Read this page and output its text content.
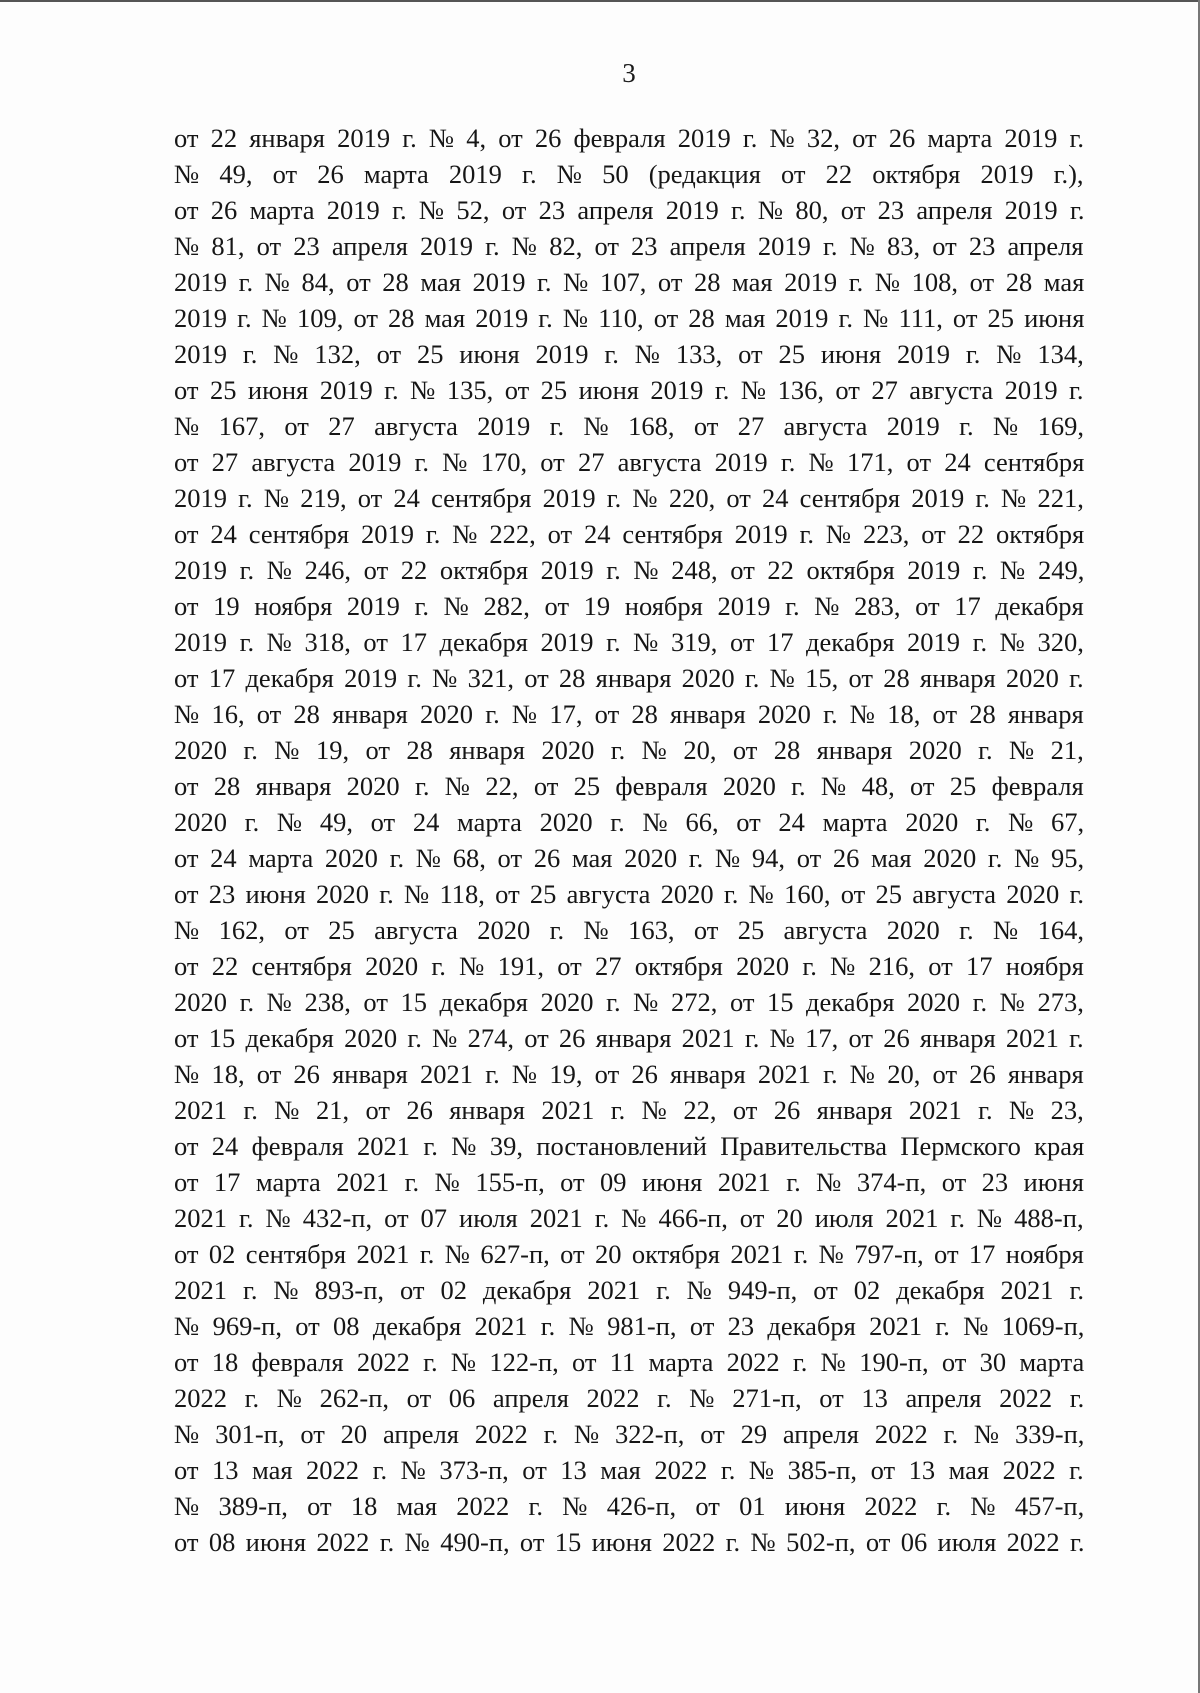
3
от 22 января 2019 г. № 4, от 26 февраля 2019 г. № 32, от 26 марта 2019 г.
№ 49, от 26 марта 2019 г. № 50 (редакция от 22 октября 2019 г.),
от 26 марта 2019 г. № 52, от 23 апреля 2019 г. № 80, от 23 апреля 2019 г.
№ 81, от 23 апреля 2019 г. № 82, от 23 апреля 2019 г. № 83, от 23 апреля
2019 г. № 84, от 28 мая 2019 г. № 107, от 28 мая 2019 г. № 108, от 28 мая
2019 г. № 109, от 28 мая 2019 г. № 110, от 28 мая 2019 г. № 111, от 25 июня
2019 г. № 132, от 25 июня 2019 г. № 133, от 25 июня 2019 г. № 134,
от 25 июня 2019 г. № 135, от 25 июня 2019 г. № 136, от 27 августа 2019 г.
№ 167, от 27 августа 2019 г. № 168, от 27 августа 2019 г. № 169,
от 27 августа 2019 г. № 170, от 27 августа 2019 г. № 171, от 24 сентября
2019 г. № 219, от 24 сентября 2019 г. № 220, от 24 сентября 2019 г. № 221,
от 24 сентября 2019 г. № 222, от 24 сентября 2019 г. № 223, от 22 октября
2019 г. № 246, от 22 октября 2019 г. № 248, от 22 октября 2019 г. № 249,
от 19 ноября 2019 г. № 282, от 19 ноября 2019 г. № 283, от 17 декабря
2019 г. № 318, от 17 декабря 2019 г. № 319, от 17 декабря 2019 г. № 320,
от 17 декабря 2019 г. № 321, от 28 января 2020 г. № 15, от 28 января 2020 г.
№ 16, от 28 января 2020 г. № 17, от 28 января 2020 г. № 18, от 28 января
2020 г. № 19, от 28 января 2020 г. № 20, от 28 января 2020 г. № 21,
от 28 января 2020 г. № 22, от 25 февраля 2020 г. № 48, от 25 февраля
2020 г. № 49, от 24 марта 2020 г. № 66, от 24 марта 2020 г. № 67,
от 24 марта 2020 г. № 68, от 26 мая 2020 г. № 94, от 26 мая 2020 г. № 95,
от 23 июня 2020 г. № 118, от 25 августа 2020 г. № 160, от 25 августа 2020 г.
№ 162, от 25 августа 2020 г. № 163, от 25 августа 2020 г. № 164,
от 22 сентября 2020 г. № 191, от 27 октября 2020 г. № 216, от 17 ноября
2020 г. № 238, от 15 декабря 2020 г. № 272, от 15 декабря 2020 г. № 273,
от 15 декабря 2020 г. № 274, от 26 января 2021 г. № 17, от 26 января 2021 г.
№ 18, от 26 января 2021 г. № 19, от 26 января 2021 г. № 20, от 26 января
2021 г. № 21, от 26 января 2021 г. № 22, от 26 января 2021 г. № 23,
от 24 февраля 2021 г. № 39, постановлений Правительства Пермского края
от 17 марта 2021 г. № 155-п, от 09 июня 2021 г. № 374-п, от 23 июня
2021 г. № 432-п, от 07 июля 2021 г. № 466-п, от 20 июля 2021 г. № 488-п,
от 02 сентября 2021 г. № 627-п, от 20 октября 2021 г. № 797-п, от 17 ноября
2021 г. № 893-п, от 02 декабря 2021 г. № 949-п, от 02 декабря 2021 г.
№ 969-п, от 08 декабря 2021 г. № 981-п, от 23 декабря 2021 г. № 1069-п,
от 18 февраля 2022 г. № 122-п, от 11 марта 2022 г. № 190-п, от 30 марта
2022 г. № 262-п, от 06 апреля 2022 г. № 271-п, от 13 апреля 2022 г.
№ 301-п, от 20 апреля 2022 г. № 322-п, от 29 апреля 2022 г. № 339-п,
от 13 мая 2022 г. № 373-п, от 13 мая 2022 г. № 385-п, от 13 мая 2022 г.
№ 389-п, от 18 мая 2022 г. № 426-п, от 01 июня 2022 г. № 457-п,
от 08 июня 2022 г. № 490-п, от 15 июня 2022 г. № 502-п, от 06 июля 2022 г.
